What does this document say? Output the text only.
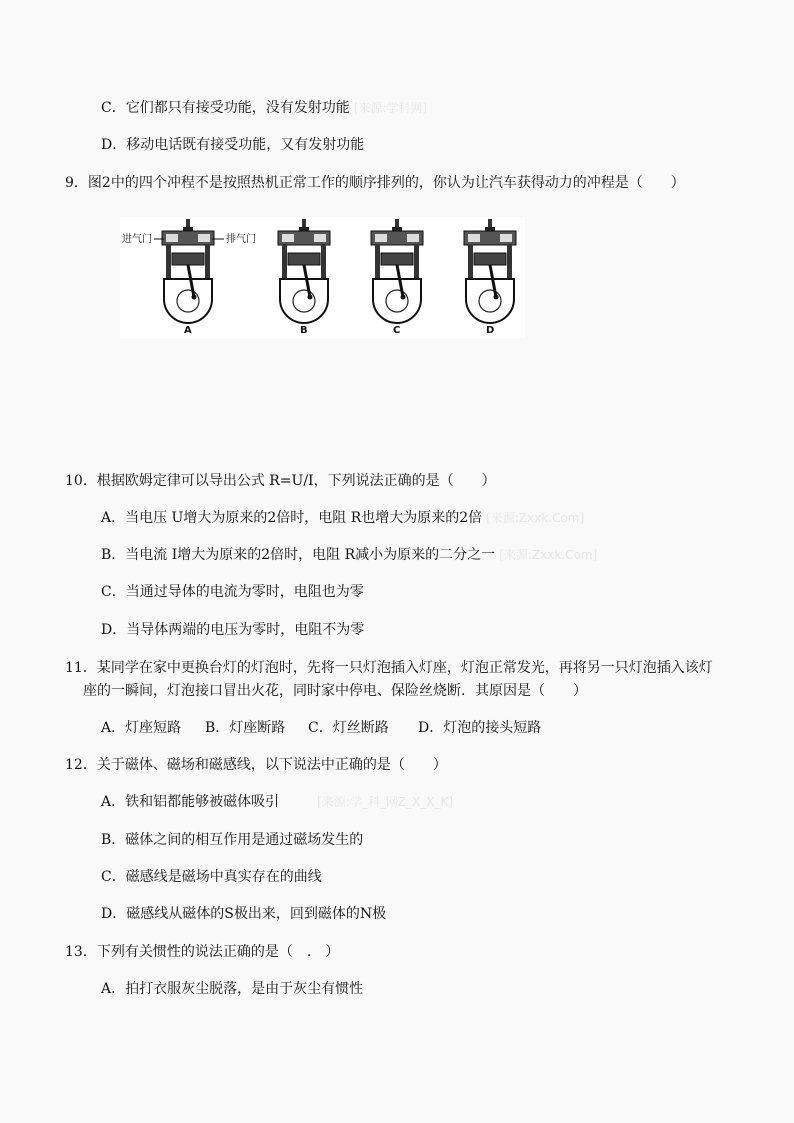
C．它们都只有接受功能，没有发射功能 [来源:学科网]
D．移动电话既有接受功能，又有发射功能
9．图2中的四个冲程不是按照热机正常工作的顺序排列的，你认为让汽车获得动力的冲程是（　　）
进气门	排气门
A	B	C	D
10．根据欧姆定律可以导出公式 R=U/I，下列说法正确的是（　　）
A．当电压 U增大为原来的2倍时，电阻 R也增大为原来的2倍 [来源:Zxxk.Com]
B．当电流 I增大为原来的2倍时，电阻 R减小为原来的二分之一 [来源:Zxxk.Com]
C．当通过导体的电流为零时，电阻也为零
D．当导体两端的电压为零时，电阻不为零
11．某同学在家中更换台灯的灯泡时，先将一只灯泡插入灯座，灯泡正常发光，再将另一只灯泡插入该灯
座的一瞬间，灯泡接口冒出火花，同时家中停电、保险丝烧断．其原因是（　　）
A．灯座短路 B．灯座断路 C．灯丝断路 D．灯泡的接头短路
12．关于磁体、磁场和磁感线，以下说法中正确的是（　　）
A．铁和铝都能够被磁体吸引	[来源:学_科_网Z_X_X_K]
B．磁体之间的相互作用是通过磁场发生的
C．磁感线是磁场中真实存在的曲线
D．磁感线从磁体的S极出来，回到磁体的N极
13．下列有关惯性的说法正确的是（　.　）
A．拍打衣服灰尘脱落，是由于灰尘有惯性
